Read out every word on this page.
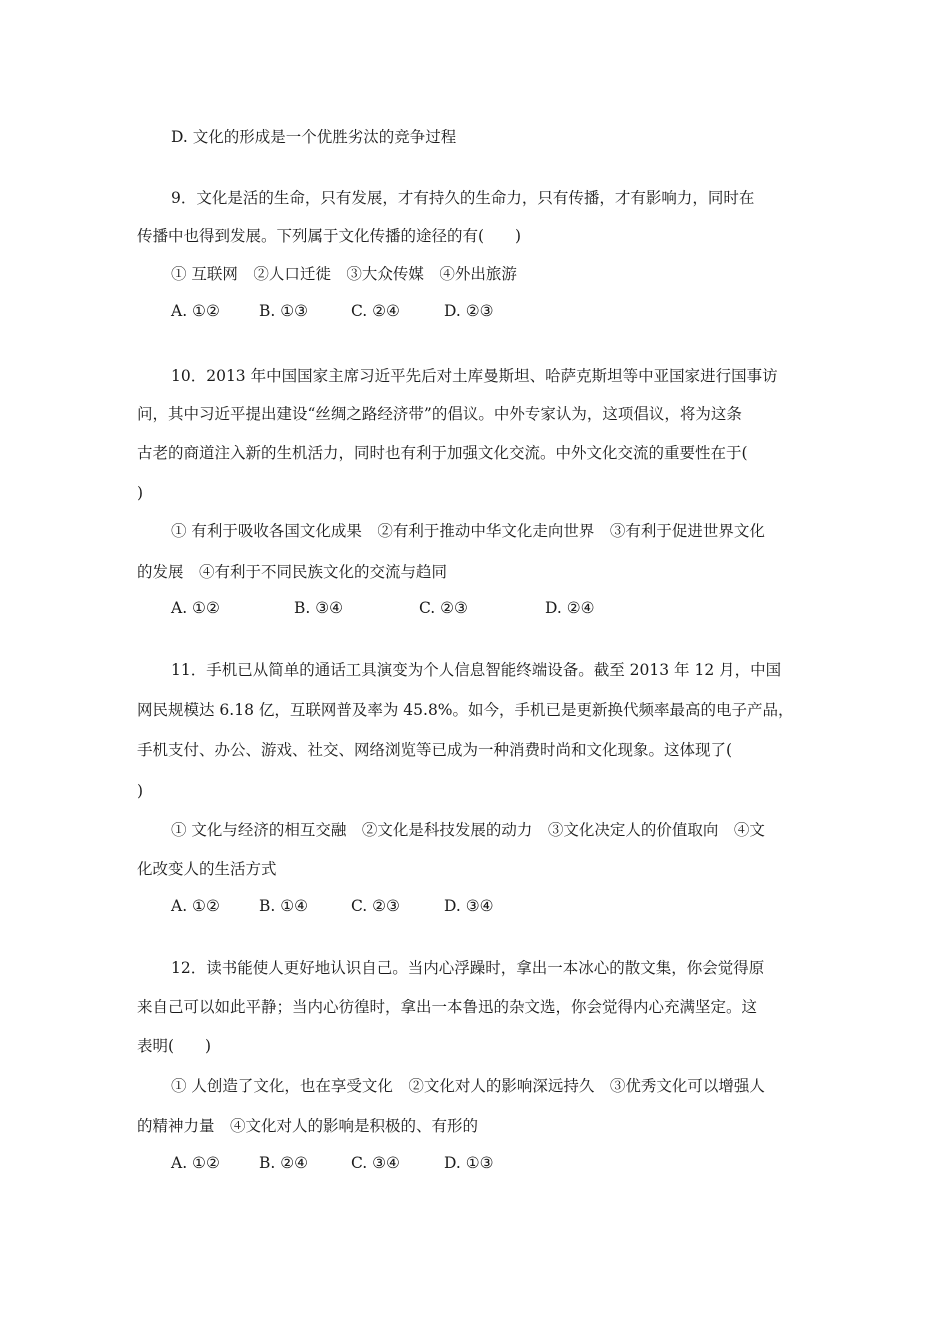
D. 文化的形成是一个优胜劣汰的竞争过程
9．文化是活的生命，只有发展，才有持久的生命力，只有传播，才有影响力，同时在
传播中也得到发展。下列属于文化传播的途径的有(　　)
① 互联网　②人口迁徙　③大众传媒　④外出旅游
A. ①②	B. ①③	C. ②④	D. ②③
10．2013 年中国国家主席习近平先后对土库曼斯坦、哈萨克斯坦等中亚国家进行国事访
问，其中习近平提出建设“丝绸之路经济带”的倡议。中外专家认为，这项倡议，将为这条
古老的商道注入新的生机活力，同时也有利于加强文化交流。中外文化交流的重要性在于(
)
① 有利于吸收各国文化成果　②有利于推动中华文化走向世界　③有利于促进世界文化
的发展　④有利于不同民族文化的交流与趋同
A. ①②	B. ③④	C. ②③	D. ②④
11．手机已从简单的通话工具演变为个人信息智能终端设备。截至 2013 年 12 月，中国
网民规模达 6.18 亿，互联网普及率为 45.8%。如今，手机已是更新换代频率最高的电子产品，
手机支付、办公、游戏、社交、网络浏览等已成为一种消费时尚和文化现象。这体现了(
)
① 文化与经济的相互交融　②文化是科技发展的动力　③文化决定人的价值取向　④文
化改变人的生活方式
A. ①②	B. ①④	C. ②③	D. ③④
12．读书能使人更好地认识自己。当内心浮躁时，拿出一本冰心的散文集，你会觉得原
来自己可以如此平静；当内心彷徨时，拿出一本鲁迅的杂文选，你会觉得内心充满坚定。这
表明(　　)
① 人创造了文化，也在享受文化　②文化对人的影响深远持久　③优秀文化可以增强人
的精神力量　④文化对人的影响是积极的、有形的
A. ①②	B. ②④	C. ③④	D. ①③
